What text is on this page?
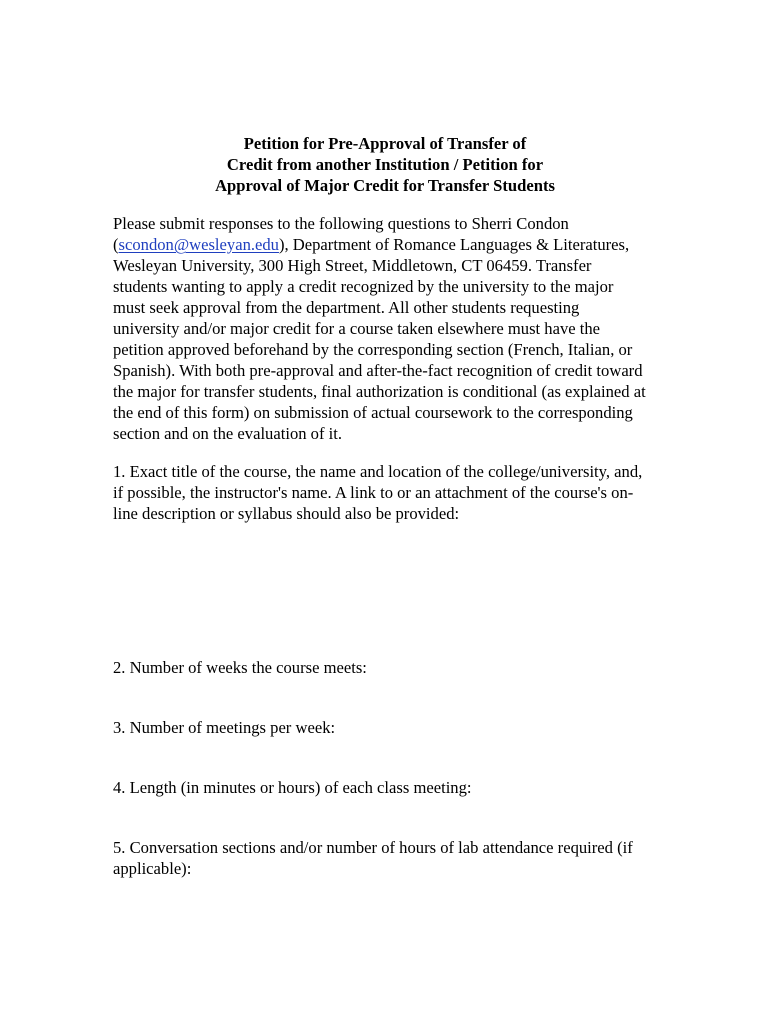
Petition for Pre-Approval of Transfer of
Credit from another Institution / Petition for
Approval of Major Credit for Transfer Students
Please submit responses to the following questions to Sherri Condon
(scondon@wesleyan.edu), Department of Romance Languages & Literatures,
Wesleyan University, 300 High Street, Middletown, CT 06459. Transfer
students wanting to apply a credit recognized by the university to the major
must seek approval from the department. All other students requesting
university and/or major credit for a course taken elsewhere must have the
petition approved beforehand by the corresponding section (French, Italian, or
Spanish). With both pre-approval and after-the-fact recognition of credit toward
the major for transfer students, final authorization is conditional (as explained at
the end of this form) on submission of actual coursework to the corresponding
section and on the evaluation of it.
1. Exact title of the course, the name and location of the college/university, and,
if possible, the instructor's name. A link to or an attachment of the course's on-
line description or syllabus should also be provided:
2. Number of weeks the course meets:
3. Number of meetings per week:
4. Length (in minutes or hours) of each class meeting:
5. Conversation sections and/or number of hours of lab attendance required (if
applicable):
